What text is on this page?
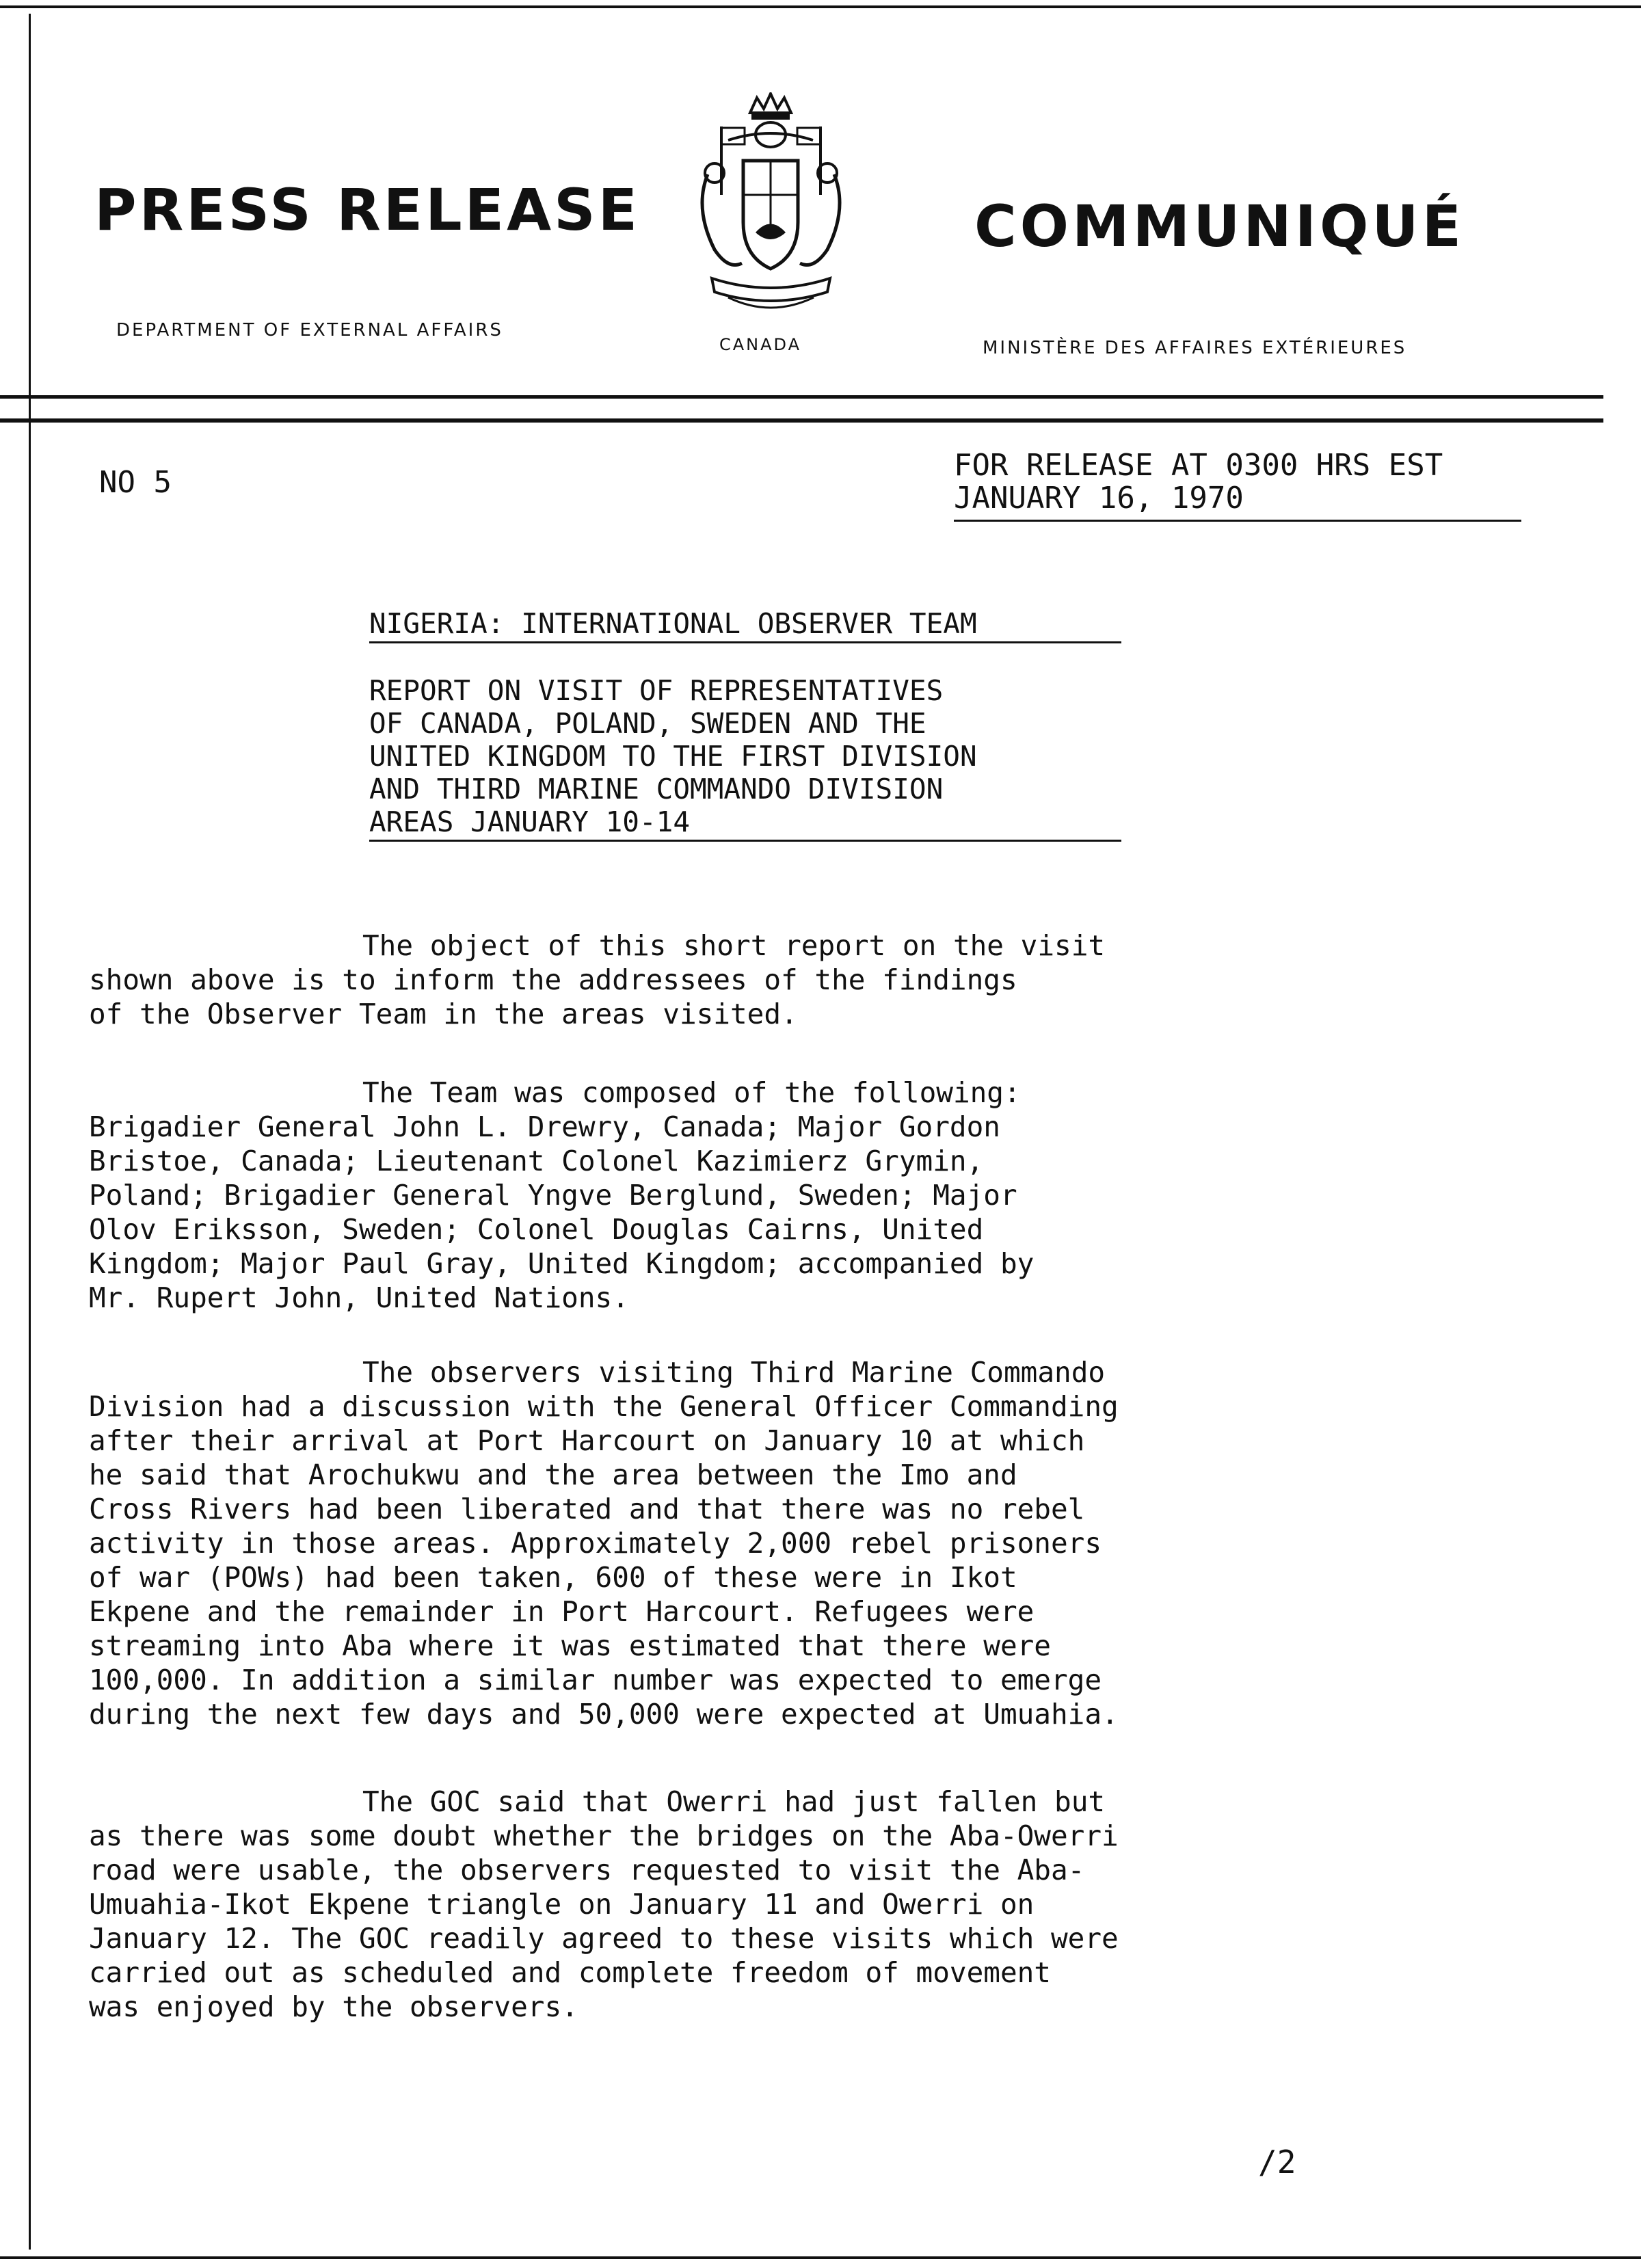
PRESS RELEASE
DEPARTMENT OF EXTERNAL AFFAIRS
CANADA
COMMUNIQUÉ
MINISTÈRE DES AFFAIRES EXTÉRIEURES
NO 5	FOR RELEASE AT 0300 HRS EST
JANUARY 16, 1970
NIGERIA: INTERNATIONAL OBSERVER TEAM
REPORT ON VISIT OF REPRESENTATIVES
OF CANADA, POLAND, SWEDEN AND THE
UNITED KINGDOM TO THE FIRST DIVISION
AND THIRD MARINE COMMANDO DIVISION
AREAS JANUARY 10-14
The object of this short report on the visit
shown above is to inform the addressees of the findings
of the Observer Team in the areas visited.
The Team was composed of the following:
Brigadier General John L. Drewry, Canada; Major Gordon
Bristoe, Canada; Lieutenant Colonel Kazimierz Grymin,
Poland; Brigadier General Yngve Berglund, Sweden; Major
Olov Eriksson, Sweden; Colonel Douglas Cairns, United
Kingdom; Major Paul Gray, United Kingdom; accompanied by
Mr. Rupert John, United Nations.
The observers visiting Third Marine Commando
Division had a discussion with the General Officer Commanding
after their arrival at Port Harcourt on January 10 at which
he said that Arochukwu and the area between the Imo and
Cross Rivers had been liberated and that there was no rebel
activity in those areas. Approximately 2,000 rebel prisoners
of war (POWs) had been taken, 600 of these were in Ikot
Ekpene and the remainder in Port Harcourt. Refugees were
streaming into Aba where it was estimated that there were
100,000. In addition a similar number was expected to emerge
during the next few days and 50,000 were expected at Umuahia.
The GOC said that Owerri had just fallen but
as there was some doubt whether the bridges on the Aba-Owerri
road were usable, the observers requested to visit the Aba-
Umuahia-Ikot Ekpene triangle on January 11 and Owerri on
January 12. The GOC readily agreed to these visits which were
carried out as scheduled and complete freedom of movement
was enjoyed by the observers.
/2
